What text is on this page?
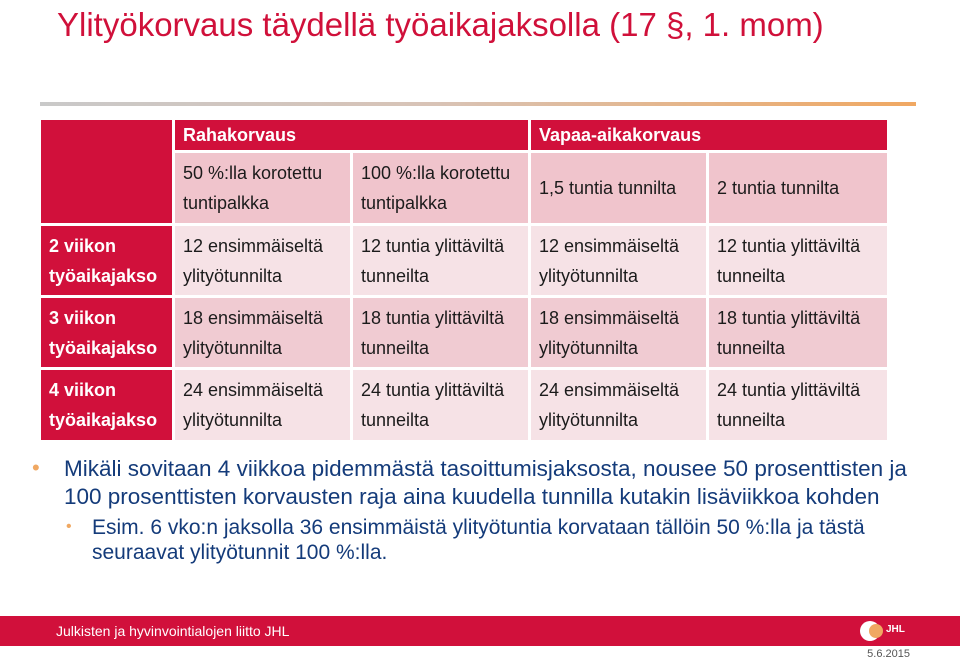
Ylityökorvaus täydellä työaikajaksolla (17 §, 1. mom)
	Rahakorvaus		Vapaa-aikakorvaus	
	50 %:lla korotettu tuntipalkka	100 %:lla korotettu tuntipalkka	1,5 tuntia tunnilta	2 tuntia tunnilta
2 viikon työaikajakso	12 ensimmäiseltä ylityötunnilta	12 tuntia ylittäviltä tunneilta	12 ensimmäiseltä ylityötunnilta	12 tuntia ylittäviltä tunneilta
3 viikon työaikajakso	18 ensimmäiseltä ylityötunnilta	18 tuntia ylittäviltä tunneilta	18 ensimmäiseltä ylityötunnilta	18 tuntia ylittäviltä tunneilta
4 viikon työaikajakso	24 ensimmäiseltä ylityötunnilta	24 tuntia ylittäviltä tunneilta	24 ensimmäiseltä ylityötunnilta	24 tuntia ylittäviltä tunneilta
• Mikäli sovitaan 4 viikkoa pidemmästä tasoittumisjaksosta, nousee 50 prosenttisten ja 100 prosenttisten korvausten raja aina kuudella tunnilla kutakin lisäviikkoa kohden
• Esim. 6 vko:n jaksolla 36 ensimmäistä ylityötuntia korvataan tällöin 50 %:lla ja tästä seuraavat ylityötunnit 100 %:lla.
Julkisten ja hyvinvointialojen liitto JHL	JHL
5.6.2015
